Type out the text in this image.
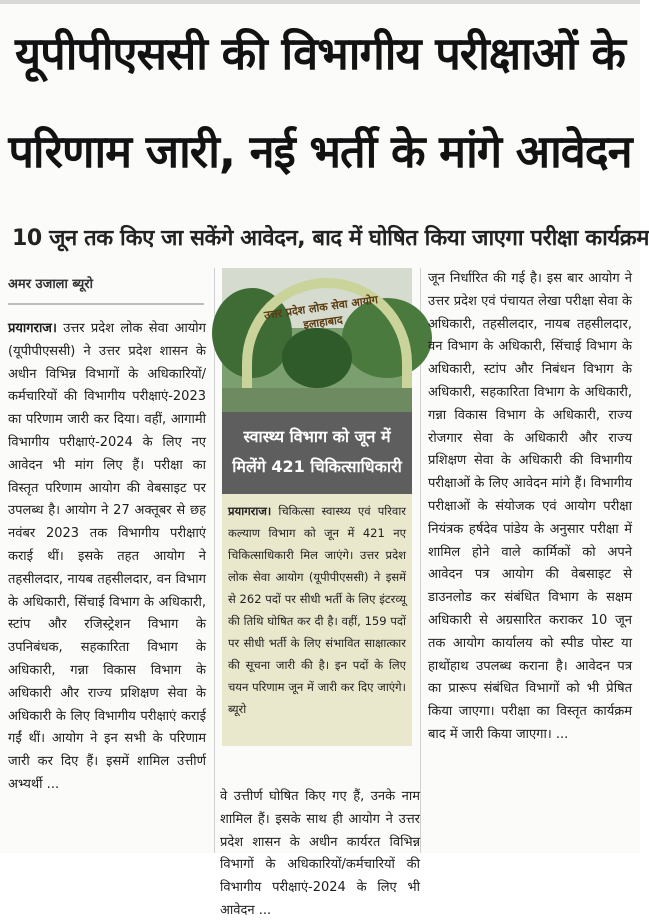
यूपीपीएससी की विभागीय परीक्षाओं के
परिणाम जारी, नई भर्ती के मांगे आवेदन
10 जून तक किए जा सकेंगे आवेदन, बाद में घोषित किया जाएगा परीक्षा कार्यक्रम
अमर उजाला ब्यूरो
प्रयागराज। उत्तर प्रदेश लोक सेवा आयोग (यूपीपीएससी) ने उत्तर प्रदेश शासन के अधीन विभिन्न विभागों के अधिकारियों/कर्मचारियों की विभागीय परीक्षाएं-2023 का परिणाम जारी कर दिया। वहीं, आगामी विभागीय परीक्षाएं-2024 के लिए नए आवेदन भी मांग लिए हैं। परीक्षा का विस्तृत परिणाम आयोग की वेबसाइट पर उपलब्ध है। आयोग ने 27 अक्तूबर से छह नवंबर 2023 तक विभागीय परीक्षाएं कराई थीं। इसके तहत आयोग ने तहसीलदार, नायब तहसीलदार, वन विभाग के अधिकारी, सिंचाई विभाग के अधिकारी, स्टांप और रजिस्ट्रेशन विभाग के उपनिबंधक, सहकारिता विभाग के अधिकारी, गन्ना विकास विभाग के अधिकारी और राज्य प्रशिक्षण सेवा के अधिकारी के लिए विभागीय परीक्षाएं कराई गईं थीं। आयोग ने इन सभी के परिणाम जारी कर दिए हैं। इसमें शामिल उत्तीर्ण अभ्यर्थी ...
उत्तर प्रदेश लोक सेवा आयोग इलाहाबाद
स्वास्थ्य विभाग को जून में
मिलेंगे 421 चिकित्साधिकारी
प्रयागराज। चिकित्सा स्वास्थ्य एवं परिवार कल्याण विभाग को जून में 421 नए चिकित्साधिकारी मिल जाएंगे। उत्तर प्रदेश लोक सेवा आयोग (यूपीपीएससी) ने इसमें से 262 पदों पर सीधी भर्ती के लिए इंटरव्यू की तिथि घोषित कर दी है। वहीं, 159 पदों पर सीधी भर्ती के लिए संभावित साक्षात्कार की सूचना जारी की है। इन पदों के लिए चयन परिणाम जून में जारी कर दिए जाएंगे। ब्यूरो
वे उत्तीर्ण घोषित किए गए हैं, उनके नाम शामिल हैं। इसके साथ ही आयोग ने उत्तर प्रदेश शासन के अधीन कार्यरत विभिन्न विभागों के अधिकारियों/कर्मचारियों की विभागीय परीक्षाएं-2024 के लिए भी आवेदन ...
जून निर्धारित की गई है। इस बार आयोग ने उत्तर प्रदेश एवं पंचायत लेखा परीक्षा सेवा के अधिकारी, तहसीलदार, नायब तहसीलदार, वन विभाग के अधिकारी, सिंचाई विभाग के अधिकारी, स्टांप और निबंधन विभाग के अधिकारी, सहकारिता विभाग के अधिकारी, गन्ना विकास विभाग के अधिकारी, राज्य रोजगार सेवा के अधिकारी और राज्य प्रशिक्षण सेवा के अधिकारी की विभागीय परीक्षाओं के लिए आवेदन मांगे हैं। विभागीय परीक्षाओं के संयोजक एवं आयोग परीक्षा नियंत्रक हर्षदेव पांडेय के अनुसार परीक्षा में शामिल होने वाले कार्मिकों को अपने आवेदन पत्र आयोग की वेबसाइट से डाउनलोड कर संबंधित विभाग के सक्षम अधिकारी से अग्रसारित कराकर 10 जून तक आयोग कार्यालय को स्पीड पोस्ट या हाथोंहाथ उपलब्ध कराना है। आवेदन पत्र का प्रारूप संबंधित विभागों को भी प्रेषित किया जाएगा। परीक्षा का विस्तृत कार्यक्रम बाद में जारी किया जाएगा। ...
